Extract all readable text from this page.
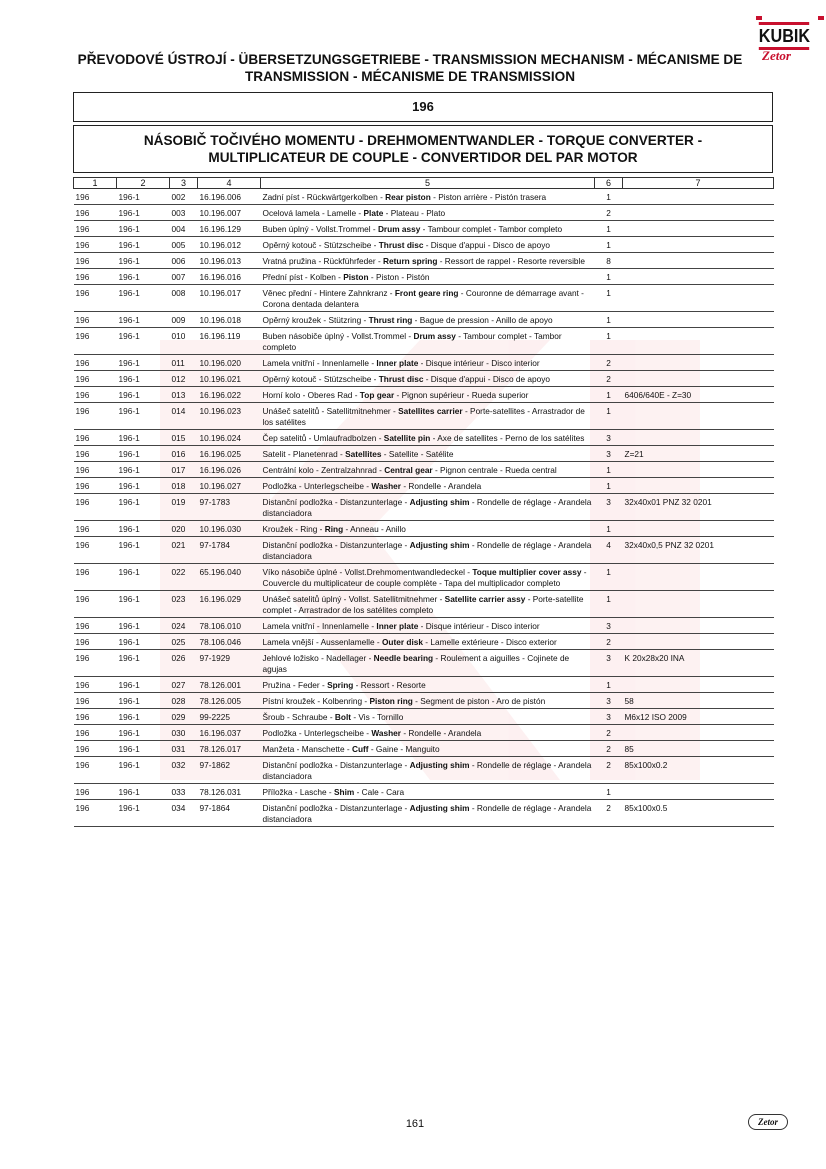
KUBIK
Zetor
PŘEVODOVÉ ÚSTROJÍ - ÜBERSETZUNGSGETRIEBE - TRANSMISSION MECHANISM - MÉCANISME DE
TRANSMISSION - MÉCANISME DE TRANSMISSION
196
NÁSOBIČ TOČIVÉHO MOMENTU - DREHMOMENTWANDLER - TORQUE CONVERTER -
MULTIPLICATEUR DE COUPLE - CONVERTIDOR DEL PAR MOTOR
1	2	3	4	5	6	7
196	196-1	002	16.196.006	Zadní píst - Rückwärtgerkolben - Rear piston - Piston arrière - Pistón trasera	1	
196	196-1	003	10.196.007	Ocelová lamela - Lamelle - Plate - Plateau - Plato	2	
196	196-1	004	16.196.129	Buben úplný - Vollst.Trommel - Drum assy - Tambour complet - Tambor completo	1	
196	196-1	005	10.196.012	Opěrný kotouč - Stützscheibe - Thrust disc - Disque d'appui - Disco de apoyo	1	
196	196-1	006	10.196.013	Vratná pružina - Rückführfeder - Return spring - Ressort de rappel - Resorte reversible	8	
196	196-1	007	16.196.016	Přední píst - Kolben - Piston - Piston - Pistón	1	
196	196-1	008	10.196.017	Věnec přední - Hintere Zahnkranz - Front geare ring - Couronne de démarrage avant - Corona dentada delantera	1	
196	196-1	009	10.196.018	Opěrný kroužek - Stützring - Thrust ring - Bague de pression - Anillo de apoyo	1	
196	196-1	010	16.196.119	Buben násobiče úplný - Vollst.Trommel - Drum assy - Tambour complet - Tambor completo	1	
196	196-1	011	10.196.020	Lamela vnitřní - Innenlamelle - Inner plate - Disque intérieur - Disco interior	2	
196	196-1	012	10.196.021	Opěrný kotouč - Stützscheibe - Thrust disc - Disque d'appui - Disco de apoyo	2	
196	196-1	013	16.196.022	Horní kolo - Oberes Rad - Top gear - Pignon supérieur - Rueda superior	1	6406/640E - Z=30
196	196-1	014	10.196.023	Unášeč satelitů - Satellitmitnehmer - Satellites carrier - Porte-satellites - Arrastrador de los satélites	1	
196	196-1	015	10.196.024	Čep satelitů - Umlaufradbolzen - Satellite pin - Axe de satellites - Perno de los satélites	3	
196	196-1	016	16.196.025	Satelit - Planetenrad - Satellites - Satellite - Satélite	3	Z=21
196	196-1	017	16.196.026	Centrální kolo - Zentralzahnrad - Central gear - Pignon centrale - Rueda central	1	
196	196-1	018	10.196.027	Podložka - Unterlegscheibe - Washer - Rondelle - Arandela	1	
196	196-1	019	97-1783	Distanční podložka - Distanzunterlage - Adjusting shim - Rondelle de réglage - Arandela distanciadora	3	32x40x01 PNZ 32 0201
196	196-1	020	10.196.030	Kroužek - Ring - Ring - Anneau - Anillo	1	
196	196-1	021	97-1784	Distanční podložka - Distanzunterlage - Adjusting shim - Rondelle de réglage - Arandela distanciadora	4	32x40x0,5 PNZ 32 0201
196	196-1	022	65.196.040	Víko násobiče úplné - Vollst.Drehmomentwandledeckel - Toque multiplier cover assy - Couvercle du multiplicateur de couple complète - Tapa del multiplicador completo	1	
196	196-1	023	16.196.029	Unášeč satelitů úplný - Vollst. Satellitmitnehmer - Satellite carrier assy - Porte-satellite complet - Arrastrador de los satélites completo	1	
196	196-1	024	78.106.010	Lamela vnitřní - Innenlamelle - Inner plate - Disque intérieur - Disco interior	3	
196	196-1	025	78.106.046	Lamela vnější - Aussenlamelle - Outer disk - Lamelle extérieure - Disco exterior	2	
196	196-1	026	97-1929	Jehlové ložisko - Nadellager - Needle bearing - Roulement a aiguilles - Cojinete de agujas	3	K 20x28x20 INA
196	196-1	027	78.126.001	Pružina - Feder - Spring - Ressort - Resorte	1	
196	196-1	028	78.126.005	Pístní kroužek - Kolbenring - Piston ring - Segment de piston - Aro de pistón	3	58
196	196-1	029	99-2225	Šroub - Schraube - Bolt - Vis - Tornillo	3	M6x12 ISO 2009
196	196-1	030	16.196.037	Podložka - Unterlegscheibe - Washer - Rondelle - Arandela	2	
196	196-1	031	78.126.017	Manžeta - Manschette - Cuff - Gaine - Manguito	2	85
196	196-1	032	97-1862	Distanční podložka - Distanzunterlage - Adjusting shim - Rondelle de réglage - Arandela distanciadora	2	85x100x0.2
196	196-1	033	78.126.031	Příložka - Lasche - Shim - Cale - Cara	1	
196	196-1	034	97-1864	Distanční podložka - Distanzunterlage - Adjusting shim - Rondelle de réglage - Arandela distanciadora	2	85x100x0.5
161	Zetor
